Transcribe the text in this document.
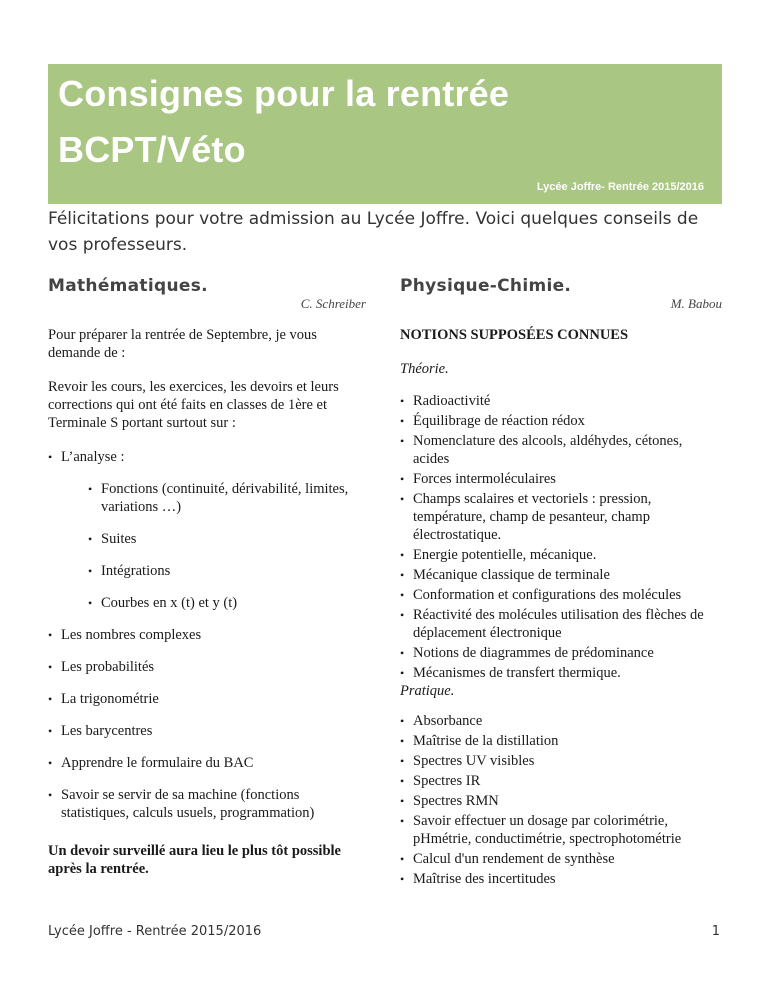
Consignes pour la rentrée
BCPT/Véto
Lycée Joffre- Rentrée 2015/2016
Félicitations pour votre admission au Lycée Joffre. Voici quelques conseils de vos professeurs.
Mathématiques.
C. Schreiber

Pour préparer la rentrée de Septembre, je vous demande de :

Revoir les cours, les exercices, les devoirs et leurs corrections qui ont été faits en classes de 1ère et Terminale S portant surtout sur :

• L’analyse :
• Fonctions (continuité, dérivabilité, limites, variations …)
• Suites
• Intégrations
• Courbes en x (t) et y (t)
• Les nombres complexes
• Les probabilités
• La trigonométrie
• Les barycentres
• Apprendre le formulaire du BAC
• Savoir se servir de sa machine (fonctions statistiques, calculs usuels, programmation)

Un devoir surveillé aura lieu le plus tôt possible après la rentrée.

Physique-Chimie.
M. Babou

NOTIONS SUPPOSÉES CONNUES

Théorie.

• Radioactivité
• Équilibrage de réaction rédox
• Nomenclature des alcools, aldéhydes, cétones, acides
• Forces intermoléculaires
• Champs scalaires et vectoriels : pression, température, champ de pesanteur, champ électrostatique.
• Energie potentielle, mécanique.
• Mécanique classique de terminale
• Conformation et configurations des molécules
• Réactivité des molécules utilisation des flèches de déplacement électronique
• Notions de diagrammes de prédominance
• Mécanismes de transfert thermique.

Pratique.

• Absorbance
• Maîtrise de la distillation
• Spectres UV visibles
• Spectres IR
• Spectres RMN
• Savoir effectuer un dosage par colorimétrie, pHmétrie, conductimétrie, spectrophotométrie
• Calcul d'un rendement de synthèse
• Maîtrise des incertitudes
Lycée Joffre - Rentrée 2015/2016	1
